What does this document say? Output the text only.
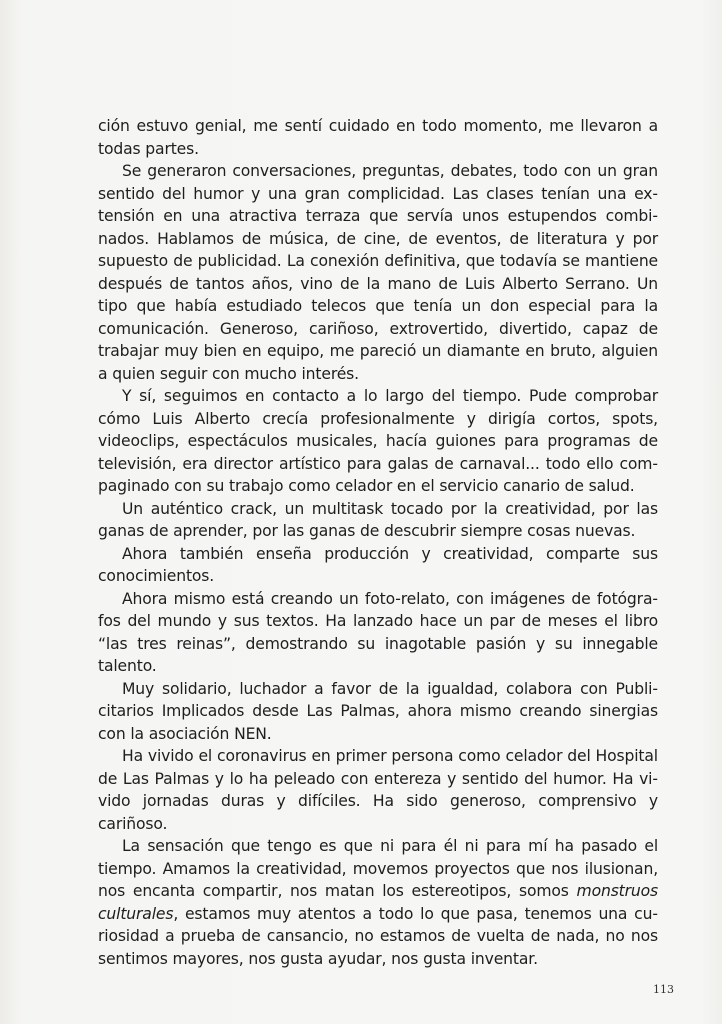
ción estuvo genial, me sentí cuidado en todo momento, me llevaron a todas partes.

Se generaron conversaciones, preguntas, debates, todo con un gran sentido del humor y una gran complicidad. Las clases tenían una extensión en una atractiva terraza que servía unos estupendos combinados. Hablamos de música, de cine, de eventos, de literatura y por supuesto de publicidad. La conexión definitiva, que todavía se mantiene después de tantos años, vino de la mano de Luis Alberto Serrano. Un tipo que había estudiado telecos que tenía un don especial para la comunicación. Generoso, cariñoso, extrovertido, divertido, capaz de trabajar muy bien en equipo, me pareció un diamante en bruto, alguien a quien seguir con mucho interés.

Y sí, seguimos en contacto a lo largo del tiempo. Pude comprobar cómo Luis Alberto crecía profesionalmente y dirigía cortos, spots, videoclips, espectáculos musicales, hacía guiones para programas de televisión, era director artístico para galas de carnaval... todo ello compaginado con su trabajo como celador en el servicio canario de salud.

Un auténtico crack, un multitask tocado por la creatividad, por las ganas de aprender, por las ganas de descubrir siempre cosas nuevas.

Ahora también enseña producción y creatividad, comparte sus conocimientos.

Ahora mismo está creando un foto-relato, con imágenes de fotógrafos del mundo y sus textos. Ha lanzado hace un par de meses el libro “las tres reinas”, demostrando su inagotable pasión y su innegable talento.

Muy solidario, luchador a favor de la igualdad, colabora con Publicitarios Implicados desde Las Palmas, ahora mismo creando sinergias con la asociación NEN.

Ha vivido el coronavirus en primer persona como celador del Hospital de Las Palmas y lo ha peleado con entereza y sentido del humor. Ha vivido jornadas duras y difíciles. Ha sido generoso, comprensivo y cariñoso.

La sensación que tengo es que ni para él ni para mí ha pasado el tiempo. Amamos la creatividad, movemos proyectos que nos ilusionan, nos encanta compartir, nos matan los estereotipos, somos monstruos culturales, estamos muy atentos a todo lo que pasa, tenemos una curiosidad a prueba de cansancio, no estamos de vuelta de nada, no nos sentimos mayores, nos gusta ayudar, nos gusta inventar.

113
